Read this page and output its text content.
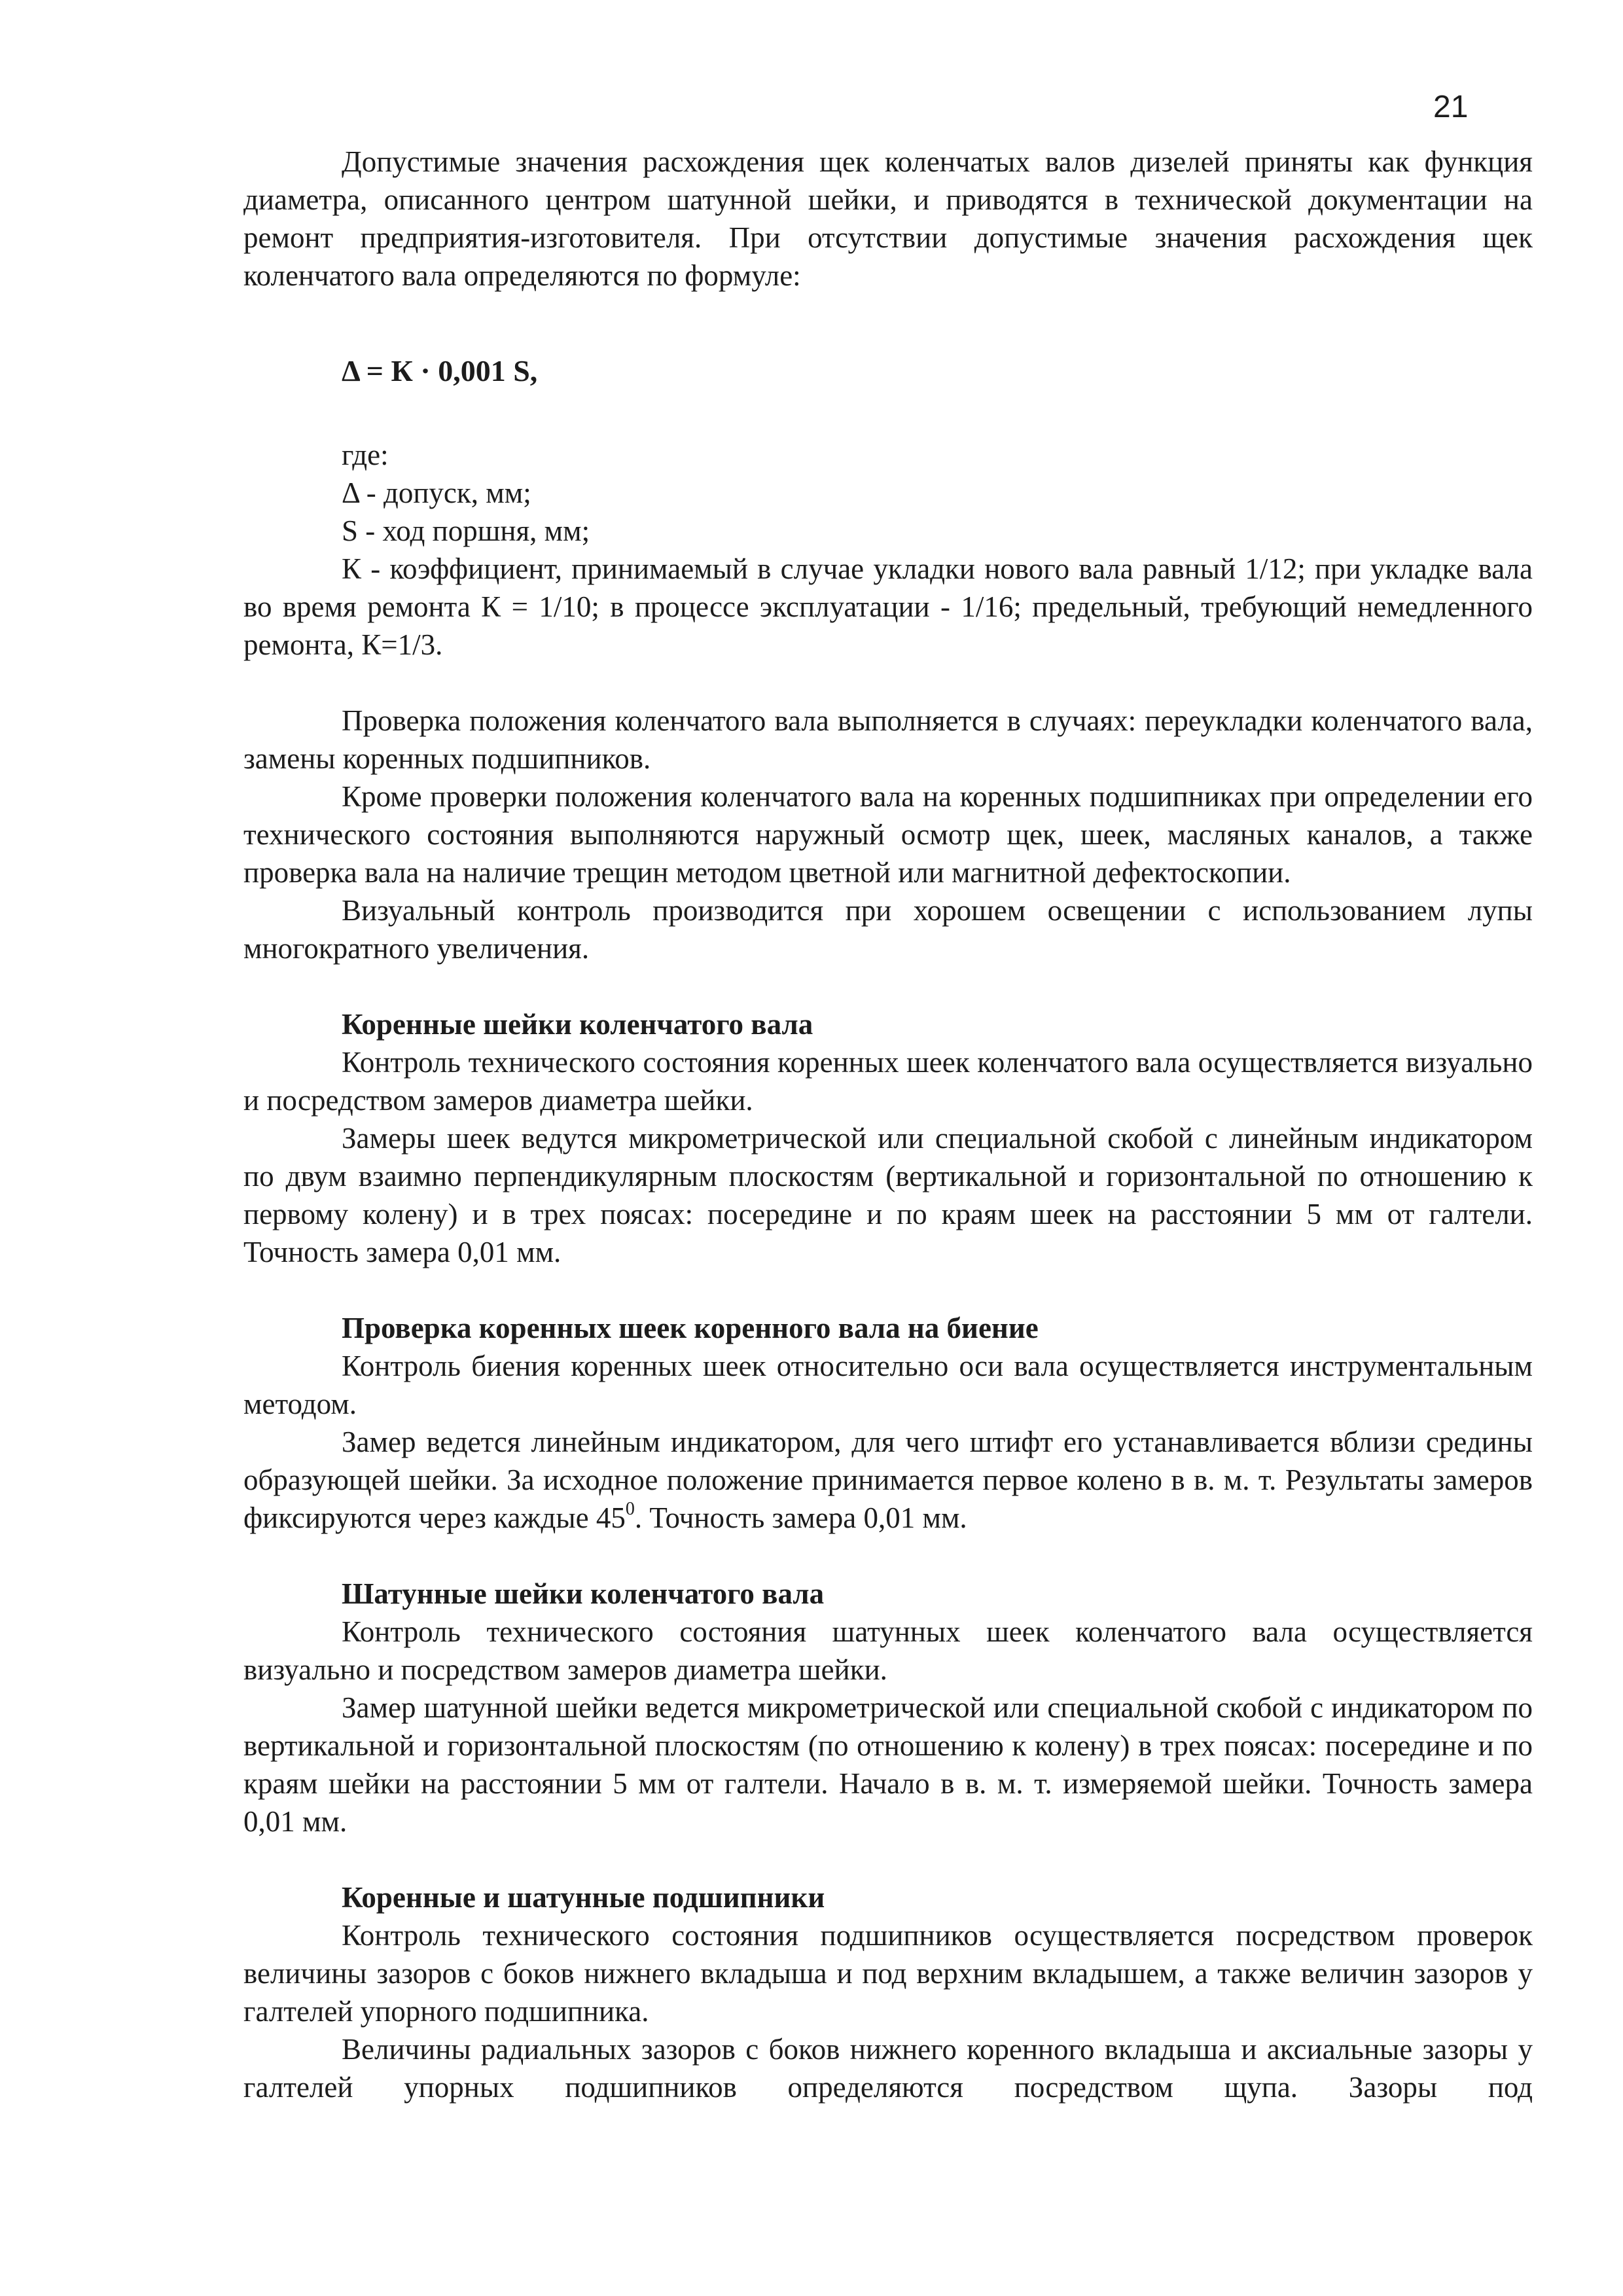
21

Допустимые значения расхождения щек коленчатых валов дизелей приняты как функция диаметра, описанного центром шатунной шейки, и приводятся в технической документации на ремонт предприятия-изготовителя. При отсутствии допустимые значения расхождения щек коленчатого вала определяются по формуле:

Δ = К · 0,001 S,
где:
Δ - допуск, мм;
S - ход поршня, мм;

К - коэффициент, принимаемый в случае укладки нового вала равный 1/12; при укладке вала во время ремонта К = 1/10; в процессе эксплуатации - 1/16; предельный, требующий немедленного ремонта, К=1/3.

Проверка положения коленчатого вала выполняется в случаях: переукладки коленчатого вала, замены коренных подшипников.

Кроме проверки положения коленчатого вала на коренных подшипниках при определении его технического состояния выполняются наружный осмотр щек, шеек, масляных каналов, а также проверка вала на наличие трещин методом цветной или магнитной дефектоскопии.

Визуальный контроль производится при хорошем освещении с использованием лупы многократного увеличения.

Коренные шейки коленчатого вала

Контроль технического состояния коренных шеек коленчатого вала осуществляется визуально и посредством замеров диаметра шейки.

Замеры шеек ведутся микрометрической или специальной скобой с линейным индикатором по двум взаимно перпендикулярным плоскостям (вертикальной и горизонтальной по отношению к первому колену) и в трех поясах: посередине и по краям шеек на расстоянии 5 мм от галтели. Точность замера 0,01 мм.

Проверка коренных шеек коренного вала на биение

Контроль биения коренных шеек относительно оси вала осуществляется инструментальным методом.

Замер ведется линейным индикатором, для чего штифт его устанавливается вблизи средины образующей шейки. За исходное положение принимается первое колено в в. м. т. Результаты замеров фиксируются через каждые $45^0$. Точность замера 0,01 мм.

Шатунные шейки коленчатого вала

Контроль технического состояния шатунных шеек коленчатого вала осуществляется визуально и посредством замеров диаметра шейки.

Замер шатунной шейки ведется микрометрической или специальной скобой с индикатором по вертикальной и горизонтальной плоскостям (по отношению к колену) в трех поясах: посередине и по краям шейки на расстоянии 5 мм от галтели. Начало в в. м. т. измеряемой шейки. Точность замера 0,01 мм.

Коренные и шатунные подшипники

Контроль технического состояния подшипников осуществляется посредством проверок величины зазоров с боков нижнего вкладыша и под верхним вкладышем, а также величин зазоров у галтелей упорного подшипника.

Величины радиальных зазоров с боков нижнего коренного вкладыша и аксиальные зазоры у галтелей упорных подшипников определяются посредством щупа. Зазоры под
